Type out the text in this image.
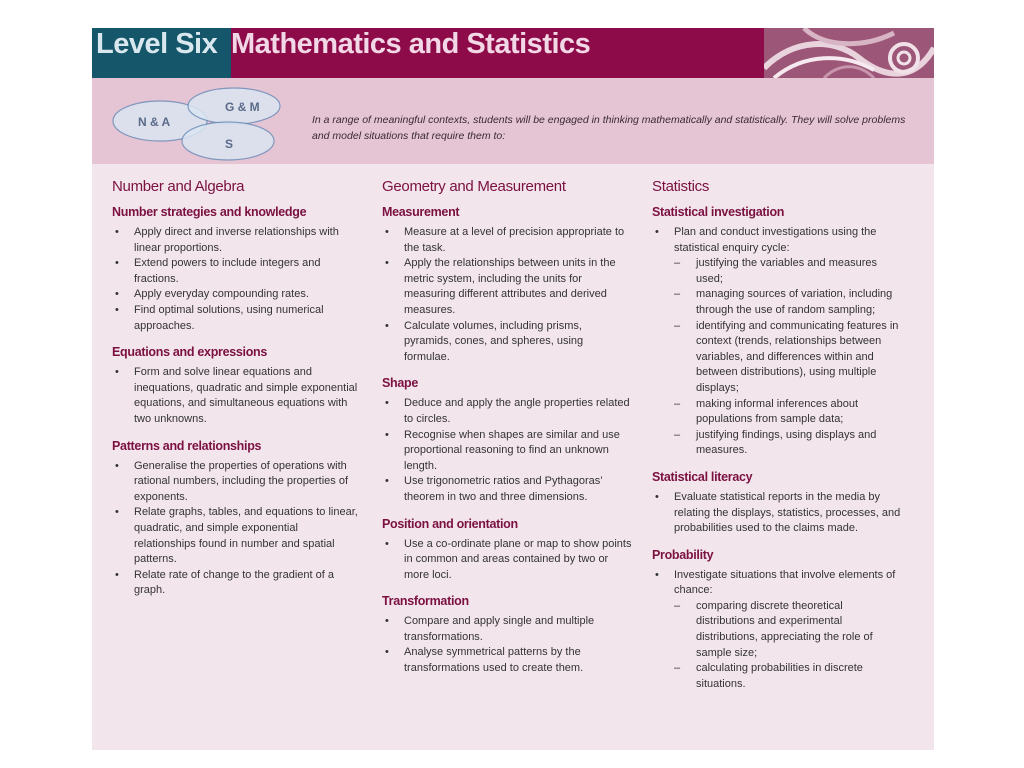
Level Six Mathematics and Statistics
N & A
G & M
S
In a range of meaningful contexts, students will be engaged in thinking mathematically and statistically. They will solve problems and model situations that require them to:
Number and Algebra
Number strategies and knowledge
• Apply direct and inverse relationships with linear proportions.
• Extend powers to include integers and fractions.
• Apply everyday compounding rates.
• Find optimal solutions, using numerical approaches.
Equations and expressions
• Form and solve linear equations and inequations, quadratic and simple exponential equations, and simultaneous equations with two unknowns.
Patterns and relationships
• Generalise the properties of operations with rational numbers, including the properties of exponents.
• Relate graphs, tables, and equations to linear, quadratic, and simple exponential relationships found in number and spatial patterns.
• Relate rate of change to the gradient of a graph.
Geometry and Measurement
Measurement
• Measure at a level of precision appropriate to the task.
• Apply the relationships between units in the metric system, including the units for measuring different attributes and derived measures.
• Calculate volumes, including prisms, pyramids, cones, and spheres, using formulae.
Shape
• Deduce and apply the angle properties related to circles.
• Recognise when shapes are similar and use proportional reasoning to find an unknown length.
• Use trigonometric ratios and Pythagoras’ theorem in two and three dimensions.
Position and orientation
• Use a co-ordinate plane or map to show points in common and areas contained by two or more loci.
Transformation
• Compare and apply single and multiple transformations.
• Analyse symmetrical patterns by the transformations used to create them.
Statistics
Statistical investigation
• Plan and conduct investigations using the statistical enquiry cycle:
– justifying the variables and measures used;
– managing sources of variation, including through the use of random sampling;
– identifying and communicating features in context (trends, relationships between variables, and differences within and between distributions), using multiple displays;
– making informal inferences about populations from sample data;
– justifying findings, using displays and measures.
Statistical literacy
• Evaluate statistical reports in the media by relating the displays, statistics, processes, and probabilities used to the claims made.
Probability
• Investigate situations that involve elements of chance:
– comparing discrete theoretical distributions and experimental distributions, appreciating the role of sample size;
– calculating probabilities in discrete situations.
